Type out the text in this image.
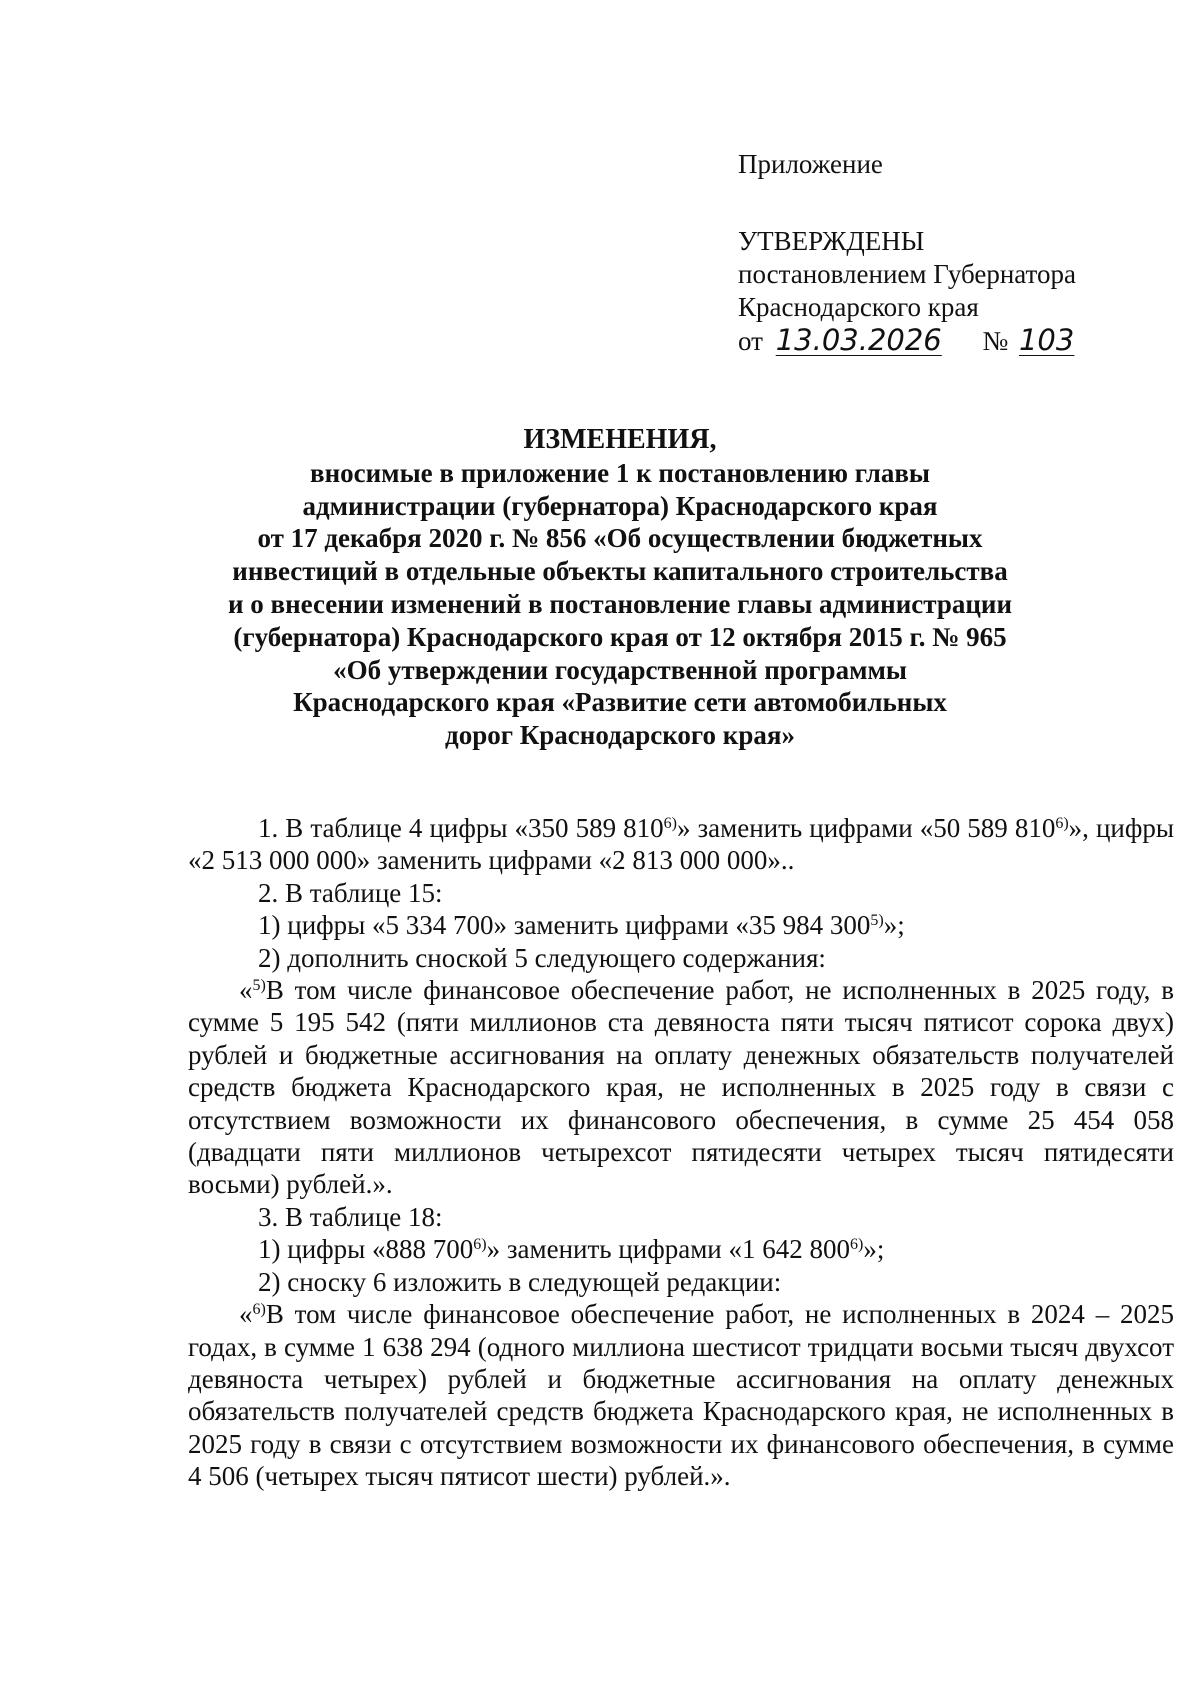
Приложение
УТВЕРЖДЕНЫ
постановлением Губернатора
Краснодарского края
от 13.03.2026 № 103
ИЗМЕНЕНИЯ,
вносимые в приложение 1 к постановлению главы
администрации (губернатора) Краснодарского края
от 17 декабря 2020 г. № 856 «Об осуществлении бюджетных
инвестиций в отдельные объекты капитального строительства
и о внесении изменений в постановление главы администрации
(губернатора) Краснодарского края от 12 октября 2015 г. № 965
«Об утверждении государственной программы
Краснодарского края «Развитие сети автомобильных
дорог Краснодарского края»

1. В таблице 4 цифры «350 589 810$^{6)}$» заменить цифрами «50 589 810$^{6)}$», цифры «2 513 000 000» заменить цифрами «2 813 000 000»..

2. В таблице 15:

1) цифры «5 334 700» заменить цифрами «35 984 300$^{5)}$»;

2) дополнить сноской 5 следующего содержания:

«$^{5)}$В том числе финансовое обеспечение работ, не исполненных в 2025 году, в сумме 5 195 542 (пяти миллионов ста девяноста пяти тысяч пятисот сорока двух) рублей и бюджетные ассигнования на оплату денежных обязательств получателей средств бюджета Краснодарского края, не исполненных в 2025 году в связи с отсутствием возможности их финансового обеспечения, в сумме 25 454 058 (двадцати пяти миллионов четырехсот пятидесяти четырех тысяч пятидесяти восьми) рублей.».

3. В таблице 18:

1) цифры «888 700$^{6)}$» заменить цифрами «1 642 800$^{6)}$»;

2) сноску 6 изложить в следующей редакции:

«$^{6)}$В том числе финансовое обеспечение работ, не исполненных в 2024 – 2025 годах, в сумме 1 638 294 (одного миллиона шестисот тридцати восьми тысяч двухсот девяноста четырех) рублей и бюджетные ассигнования на оплату денежных обязательств получателей средств бюджета Краснодарского края, не исполненных в 2025 году в связи с отсутствием возможности их финансового обеспечения, в сумме 4 506 (четырех тысяч пятисот шести) рублей.».
